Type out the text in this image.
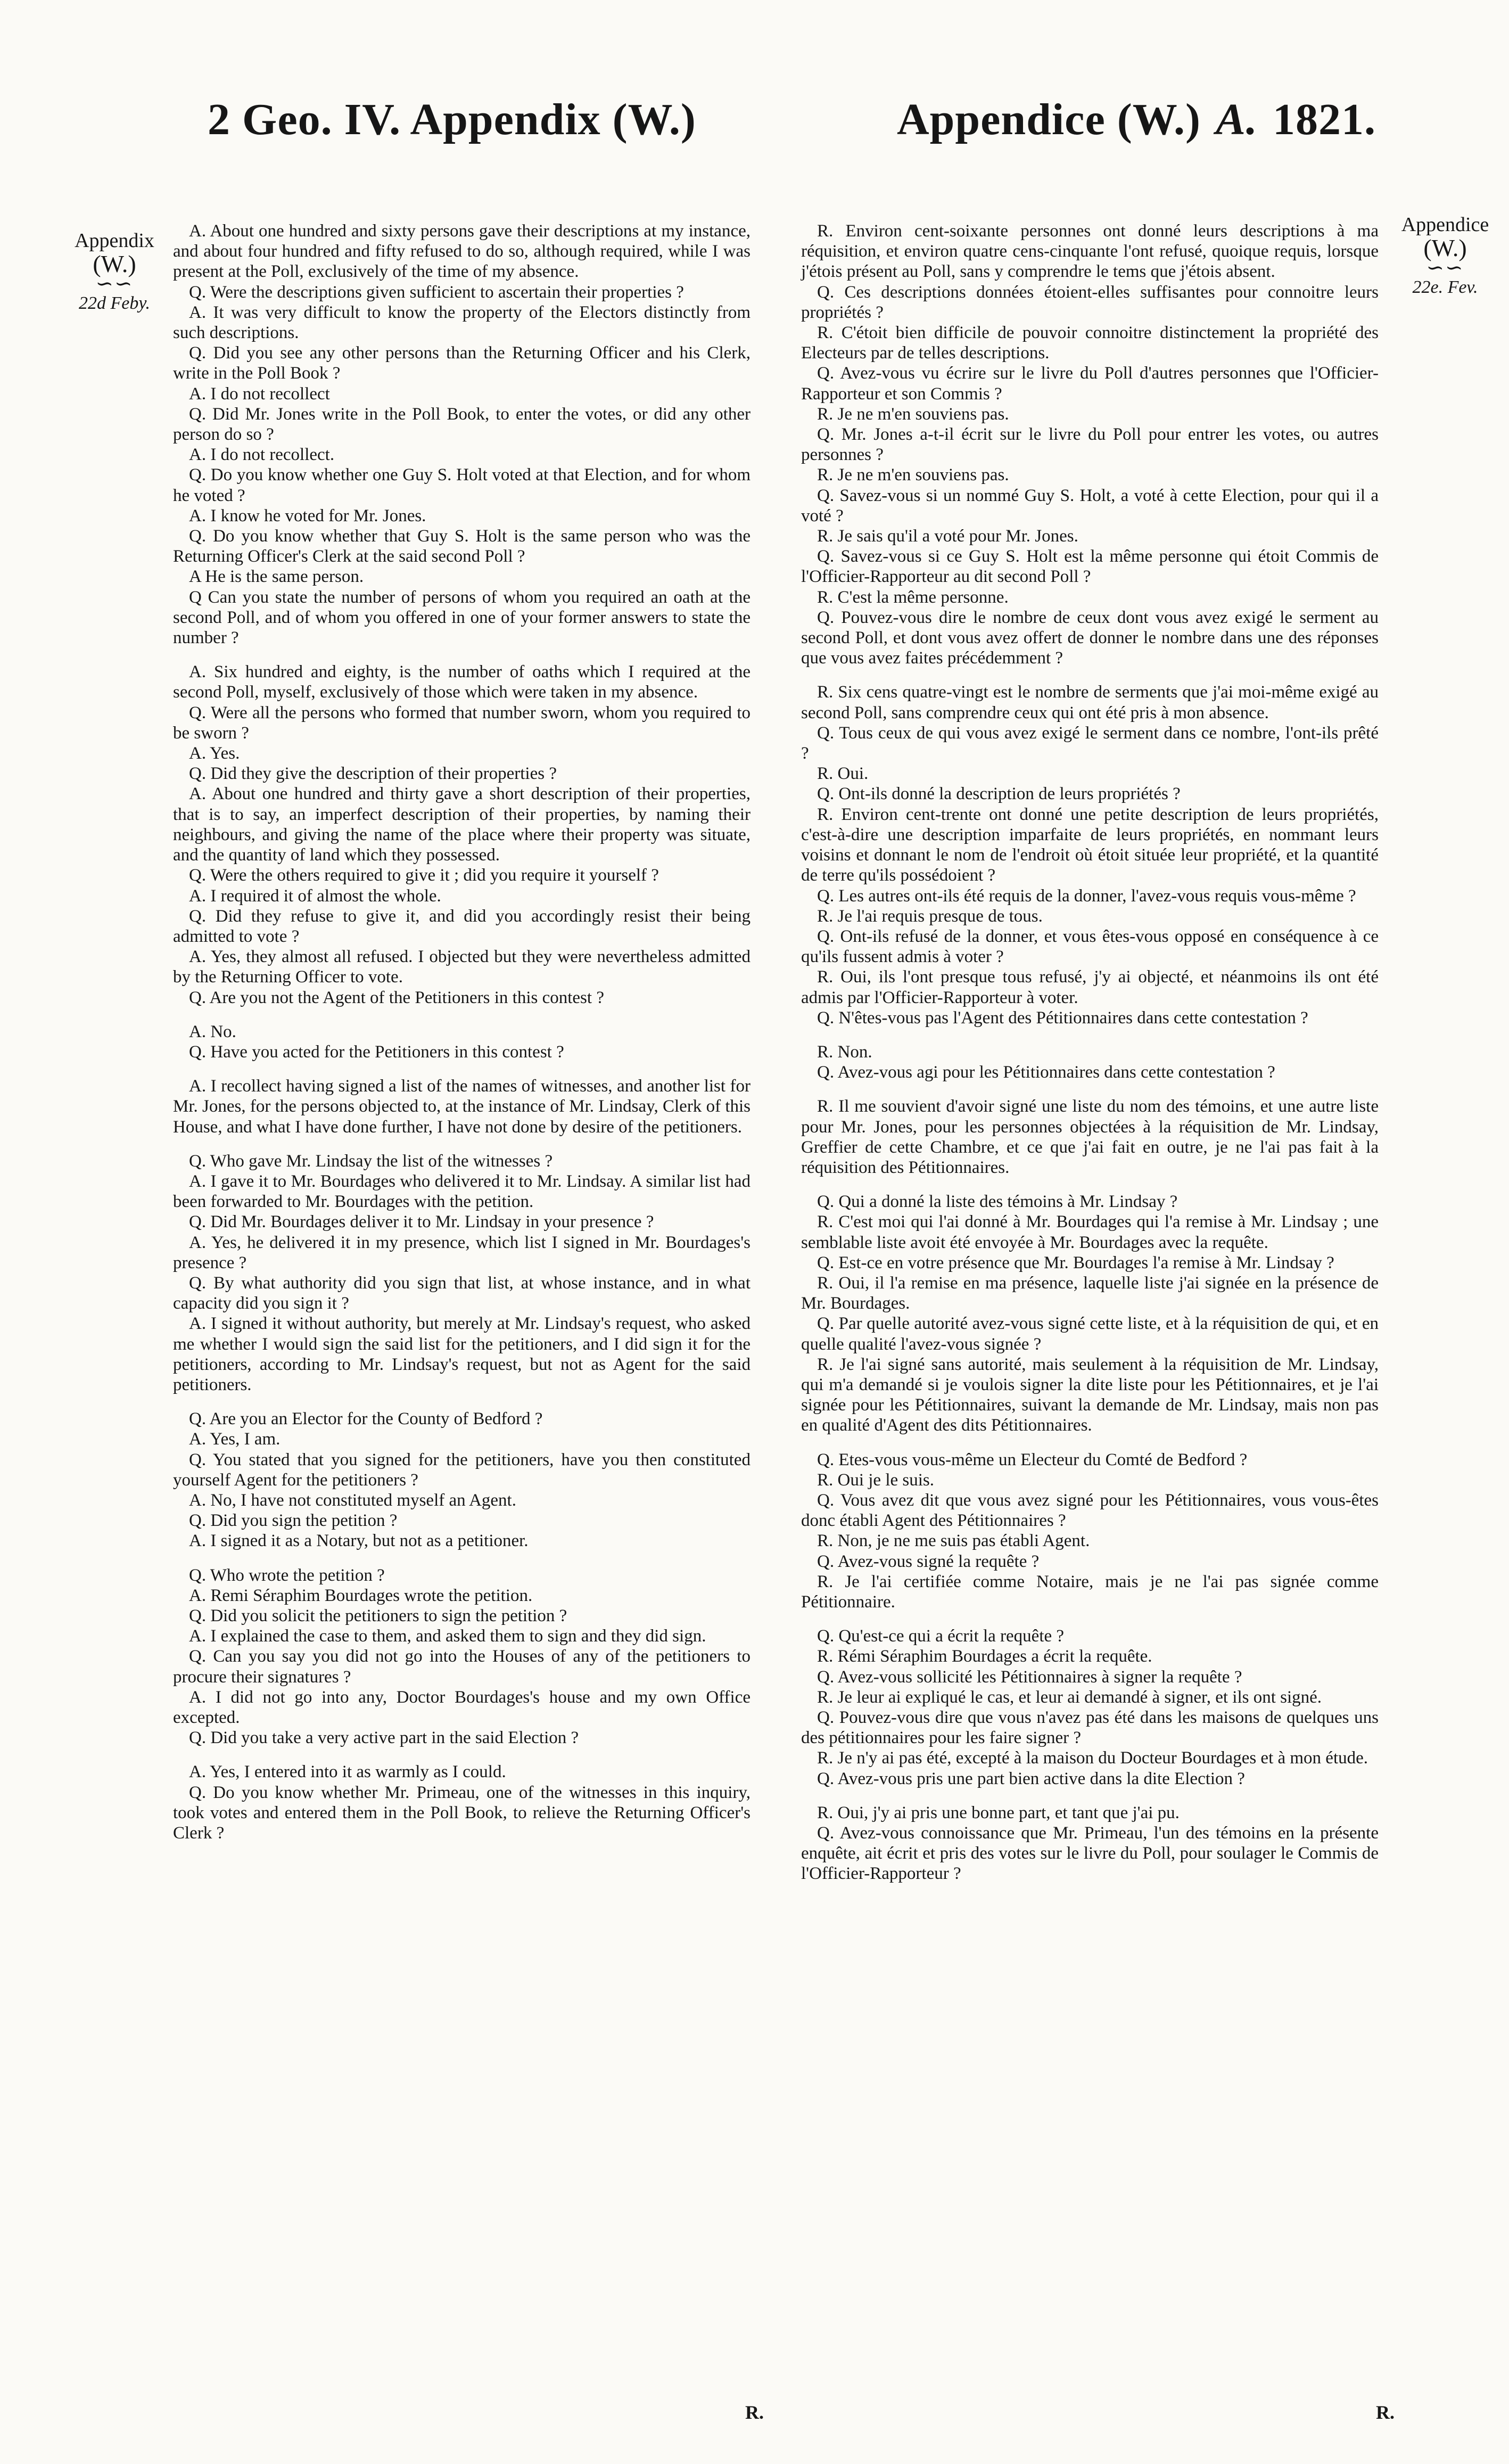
2 Geo. IV. Appendix (W.)	Appendice (W.) A. 1821.
Appendix
(W.)
∽∽
22d Feby.
Appendice
(W.)
∽∽
22e. Fev.

A. About one hundred and sixty persons gave their descriptions at my instance, and about four hundred and fifty refused to do so, although required, while I was present at the Poll, exclusively of the time of my absence.

Q. Were the descriptions given sufficient to ascertain their properties ?

A. It was very difficult to know the property of the Electors distinctly from such descriptions.

Q. Did you see any other persons than the Returning Officer and his Clerk, write in the Poll Book ?

A. I do not recollect

Q. Did Mr. Jones write in the Poll Book, to enter the votes, or did any other person do so ?

A. I do not recollect.

Q. Do you know whether one Guy S. Holt voted at that Election, and for whom he voted ?

A. I know he voted for Mr. Jones.

Q. Do you know whether that Guy S. Holt is the same person who was the Returning Officer's Clerk at the said second Poll ?

A He is the same person.

Q Can you state the number of persons of whom you required an oath at the second Poll, and of whom you offered in one of your former answers to state the number ?

A. Six hundred and eighty, is the number of oaths which I required at the second Poll, myself, exclusively of those which were taken in my absence.

Q. Were all the persons who formed that number sworn, whom you required to be sworn ?

A. Yes.

Q. Did they give the description of their properties ?

A. About one hundred and thirty gave a short description of their properties, that is to say, an imperfect description of their properties, by naming their neighbours, and giving the name of the place where their property was situate, and the quantity of land which they possessed.

Q. Were the others required to give it ; did you require it yourself ?

A. I required it of almost the whole.

Q. Did they refuse to give it, and did you accordingly resist their being admitted to vote ?

A. Yes, they almost all refused. I objected but they were nevertheless admitted by the Returning Officer to vote.

Q. Are you not the Agent of the Petitioners in this contest ?

A. No.

Q. Have you acted for the Petitioners in this contest ?

A. I recollect having signed a list of the names of witnesses, and another list for Mr. Jones, for the persons objected to, at the instance of Mr. Lindsay, Clerk of this House, and what I have done further, I have not done by desire of the petitioners.

Q. Who gave Mr. Lindsay the list of the witnesses ?

A. I gave it to Mr. Bourdages who delivered it to Mr. Lindsay. A similar list had been forwarded to Mr. Bourdages with the petition.

Q. Did Mr. Bourdages deliver it to Mr. Lindsay in your presence ?

A. Yes, he delivered it in my presence, which list I signed in Mr. Bourdages's presence ?

Q. By what authority did you sign that list, at whose instance, and in what capacity did you sign it ?

A. I signed it without authority, but merely at Mr. Lindsay's request, who asked me whether I would sign the said list for the petitioners, and I did sign it for the petitioners, according to Mr. Lindsay's request, but not as Agent for the said petitioners.

Q. Are you an Elector for the County of Bedford ?

A. Yes, I am.

Q. You stated that you signed for the petitioners, have you then constituted yourself Agent for the petitioners ?

A. No, I have not constituted myself an Agent.

Q. Did you sign the petition ?

A. I signed it as a Notary, but not as a petitioner.

Q. Who wrote the petition ?

A. Remi Séraphim Bourdages wrote the petition.

Q. Did you solicit the petitioners to sign the petition ?

A. I explained the case to them, and asked them to sign and they did sign.

Q. Can you say you did not go into the Houses of any of the petitioners to procure their signatures ?

A. I did not go into any, Doctor Bourdages's house and my own Office excepted.

Q. Did you take a very active part in the said Election ?

A. Yes, I entered into it as warmly as I could.

Q. Do you know whether Mr. Primeau, one of the witnesses in this inquiry, took votes and entered them in the Poll Book, to relieve the Returning Officer's Clerk ?

R. Environ cent-soixante personnes ont donné leurs descriptions à ma réquisition, et environ quatre cens-cinquante l'ont refusé, quoique requis, lorsque j'étois présent au Poll, sans y comprendre le tems que j'étois absent.

Q. Ces descriptions données étoient-elles suffisantes pour connoitre leurs propriétés ?

R. C'étoit bien difficile de pouvoir connoitre distinctement la propriété des Electeurs par de telles descriptions.

Q. Avez-vous vu écrire sur le livre du Poll d'autres personnes que l'Officier-Rapporteur et son Commis ?

R. Je ne m'en souviens pas.

Q. Mr. Jones a-t-il écrit sur le livre du Poll pour entrer les votes, ou autres personnes ?

R. Je ne m'en souviens pas.

Q. Savez-vous si un nommé Guy S. Holt, a voté à cette Election, pour qui il a voté ?

R. Je sais qu'il a voté pour Mr. Jones.

Q. Savez-vous si ce Guy S. Holt est la même personne qui étoit Commis de l'Officier-Rapporteur au dit second Poll ?

R. C'est la même personne.

Q. Pouvez-vous dire le nombre de ceux dont vous avez exigé le serment au second Poll, et dont vous avez offert de donner le nombre dans une des réponses que vous avez faites précédemment ?

R. Six cens quatre-vingt est le nombre de serments que j'ai moi-même exigé au second Poll, sans comprendre ceux qui ont été pris à mon absence.

Q. Tous ceux de qui vous avez exigé le serment dans ce nombre, l'ont-ils prêté ?

R. Oui.

Q. Ont-ils donné la description de leurs propriétés ?

R. Environ cent-trente ont donné une petite description de leurs propriétés, c'est-à-dire une description imparfaite de leurs propriétés, en nommant leurs voisins et donnant le nom de l'endroit où étoit située leur propriété, et la quantité de terre qu'ils possédoient ?

Q. Les autres ont-ils été requis de la donner, l'avez-vous requis vous-même ?

R. Je l'ai requis presque de tous.

Q. Ont-ils refusé de la donner, et vous êtes-vous opposé en conséquence à ce qu'ils fussent admis à voter ?

R. Oui, ils l'ont presque tous refusé, j'y ai objecté, et néanmoins ils ont été admis par l'Officier-Rapporteur à voter.

Q. N'êtes-vous pas l'Agent des Pétitionnaires dans cette contestation ?

R. Non.

Q. Avez-vous agi pour les Pétitionnaires dans cette contestation ?

R. Il me souvient d'avoir signé une liste du nom des témoins, et une autre liste pour Mr. Jones, pour les personnes objectées à la réquisition de Mr. Lindsay, Greffier de cette Chambre, et ce que j'ai fait en outre, je ne l'ai pas fait à la réquisition des Pétitionnaires.

Q. Qui a donné la liste des témoins à Mr. Lindsay ?

R. C'est moi qui l'ai donné à Mr. Bourdages qui l'a remise à Mr. Lindsay ; une semblable liste avoit été envoyée à Mr. Bourdages avec la requête.

Q. Est-ce en votre présence que Mr. Bourdages l'a remise à Mr. Lindsay ?

R. Oui, il l'a remise en ma présence, laquelle liste j'ai signée en la présence de Mr. Bourdages.

Q. Par quelle autorité avez-vous signé cette liste, et à la réquisition de qui, et en quelle qualité l'avez-vous signée ?

R. Je l'ai signé sans autorité, mais seulement à la réquisition de Mr. Lindsay, qui m'a demandé si je voulois signer la dite liste pour les Pétitionnaires, et je l'ai signée pour les Pétitionnaires, suivant la demande de Mr. Lindsay, mais non pas en qualité d'Agent des dits Pétitionnaires.

Q. Etes-vous vous-même un Electeur du Comté de Bedford ?

R. Oui je le suis.

Q. Vous avez dit que vous avez signé pour les Pétitionnaires, vous vous-êtes donc établi Agent des Pétitionnaires ?

R. Non, je ne me suis pas établi Agent.

Q. Avez-vous signé la requête ?

R. Je l'ai certifiée comme Notaire, mais je ne l'ai pas signée comme Pétitionnaire.

Q. Qu'est-ce qui a écrit la requête ?

R. Rémi Séraphim Bourdages a écrit la requête.

Q. Avez-vous sollicité les Pétitionnaires à signer la requête ?

R. Je leur ai expliqué le cas, et leur ai demandé à signer, et ils ont signé.

Q. Pouvez-vous dire que vous n'avez pas été dans les maisons de quelques uns des pétitionnaires pour les faire signer ?

R. Je n'y ai pas été, excepté à la maison du Docteur Bourdages et à mon étude.

Q. Avez-vous pris une part bien active dans la dite Election ?

R. Oui, j'y ai pris une bonne part, et tant que j'ai pu.

Q. Avez-vous connoissance que Mr. Primeau, l'un des témoins en la présente enquête, ait écrit et pris des votes sur le livre du Poll, pour soulager le Commis de l'Officier-Rapporteur ?

R.	R.
